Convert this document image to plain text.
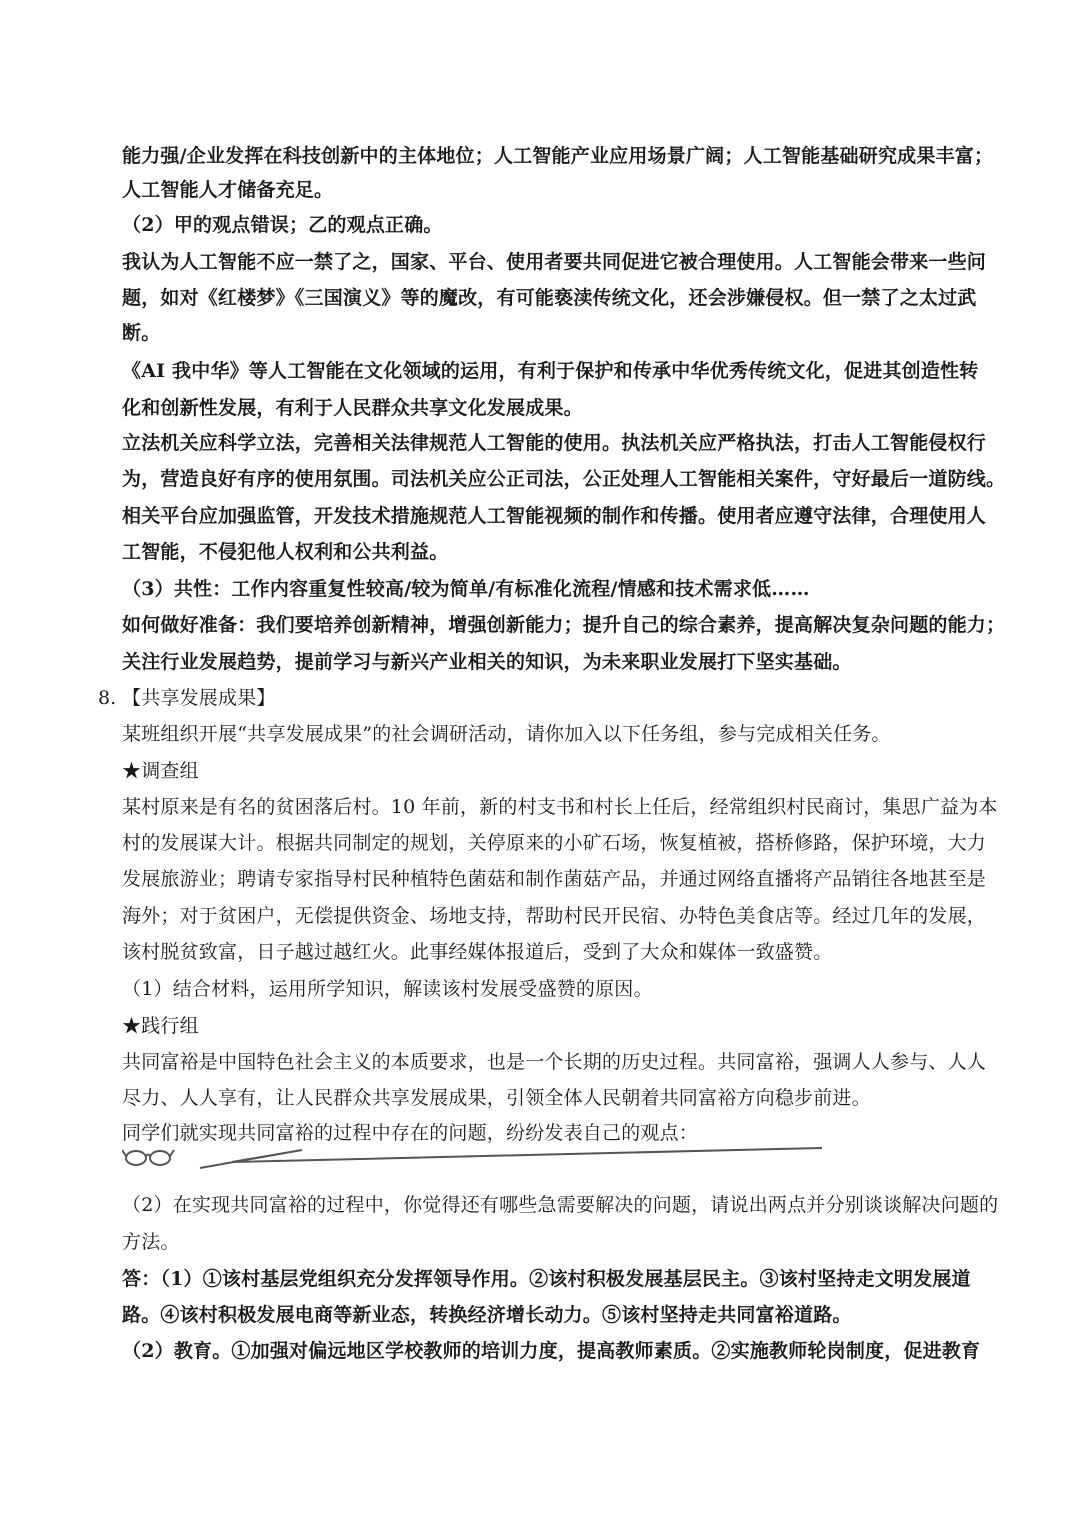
能力强/企业发挥在科技创新中的主体地位；人工智能产业应用场景广阔；人工智能基础研究成果丰富；
人工智能人才储备充足。
（2）甲的观点错误；乙的观点正确。
我认为人工智能不应一禁了之，国家、平台、使用者要共同促进它被合理使用。人工智能会带来一些问
题，如对《红楼梦》《三国演义》等的魔改，有可能亵渎传统文化，还会涉嫌侵权。但一禁了之太过武
断。
《AI 我中华》等人工智能在文化领域的运用，有利于保护和传承中华优秀传统文化，促进其创造性转
化和创新性发展，有利于人民群众共享文化发展成果。
立法机关应科学立法，完善相关法律规范人工智能的使用。执法机关应严格执法，打击人工智能侵权行
为，营造良好有序的使用氛围。司法机关应公正司法，公正处理人工智能相关案件，守好最后一道防线。
相关平台应加强监管，开发技术措施规范人工智能视频的制作和传播。使用者应遵守法律，合理使用人
工智能，不侵犯他人权利和公共利益。
（3）共性：工作内容重复性较高/较为简单/有标准化流程/情感和技术需求低……
如何做好准备：我们要培养创新精神，增强创新能力；提升自己的综合素养，提高解决复杂问题的能力；
关注行业发展趋势，提前学习与新兴产业相关的知识，为未来职业发展打下坚实基础。
8. 【共享发展成果】
某班组织开展“共享发展成果”的社会调研活动，请你加入以下任务组，参与完成相关任务。
★调查组
某村原来是有名的贫困落后村。10 年前，新的村支书和村长上任后，经常组织村民商讨，集思广益为本
村的发展谋大计。根据共同制定的规划，关停原来的小矿石场，恢复植被，搭桥修路，保护环境，大力
发展旅游业；聘请专家指导村民种植特色菌菇和制作菌菇产品，并通过网络直播将产品销往各地甚至是
海外；对于贫困户，无偿提供资金、场地支持，帮助村民开民宿、办特色美食店等。经过几年的发展，
该村脱贫致富，日子越过越红火。此事经媒体报道后，受到了大众和媒体一致盛赞。
（1）结合材料，运用所学知识，解读该村发展受盛赞的原因。
★践行组
共同富裕是中国特色社会主义的本质要求，也是一个长期的历史过程。共同富裕，强调人人参与、人人
尽力、人人享有，让人民群众共享发展成果，引领全体人民朝着共同富裕方向稳步前进。
同学们就实现共同富裕的过程中存在的问题，纷纷发表自己的观点：
（2）在实现共同富裕的过程中，你觉得还有哪些急需要解决的问题，请说出两点并分别谈谈解决问题的
方法。
答：（1）①该村基层党组织充分发挥领导作用。②该村积极发展基层民主。③该村坚持走文明发展道
路。④该村积极发展电商等新业态，转换经济增长动力。⑤该村坚持走共同富裕道路。
（2）教育。①加强对偏远地区学校教师的培训力度，提高教师素质。②实施教师轮岗制度，促进教育
